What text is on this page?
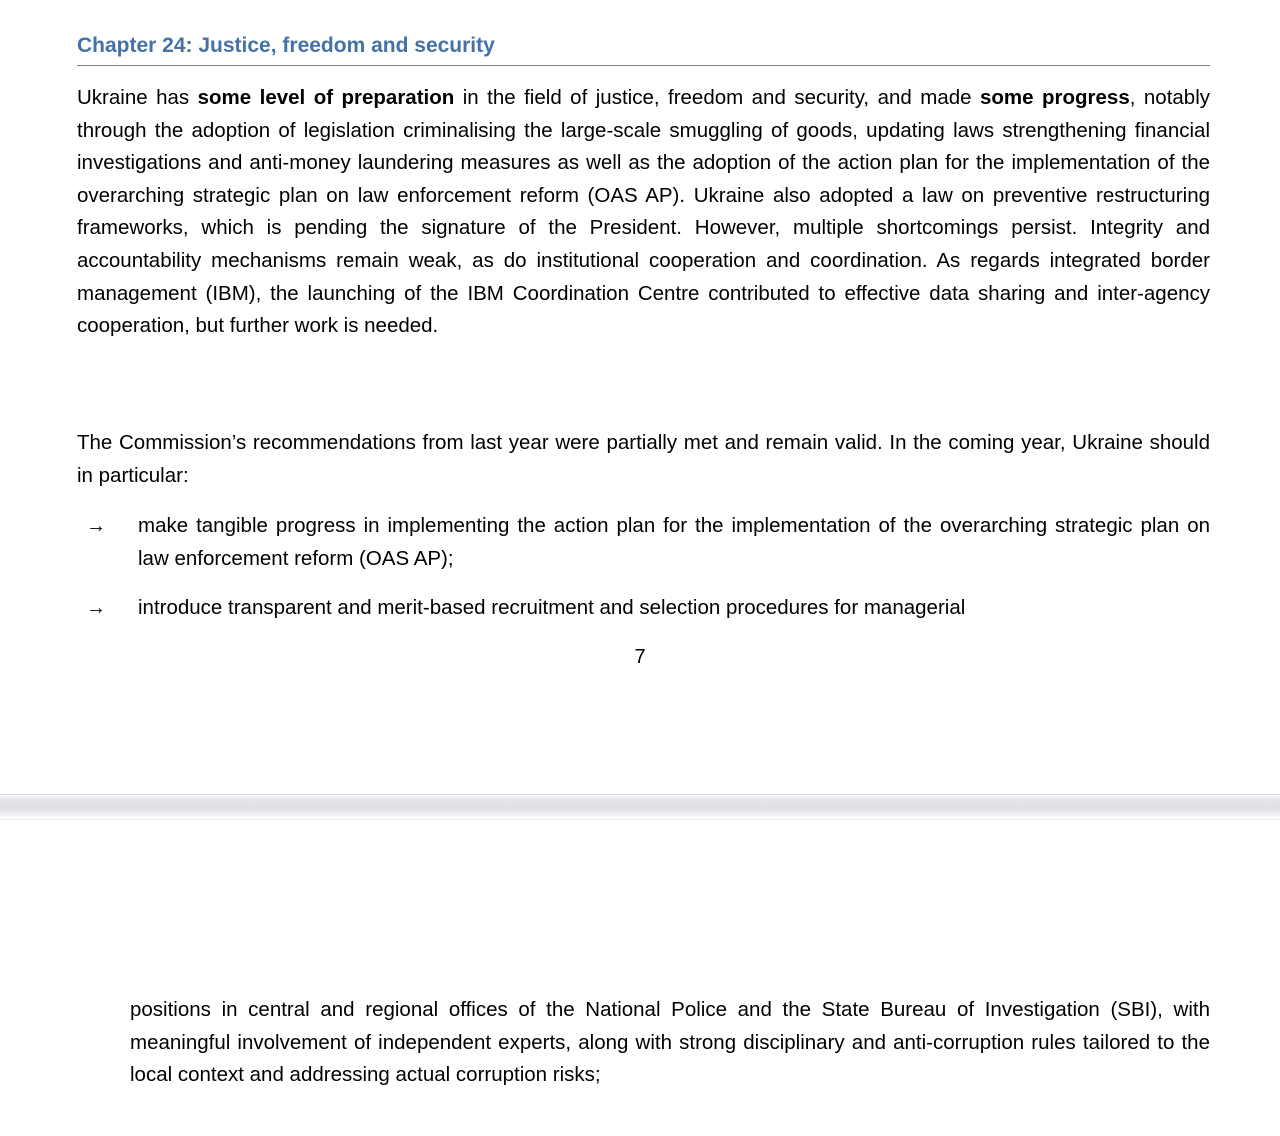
Chapter 24: Justice, freedom and security
Ukraine has some level of preparation in the field of justice, freedom and security, and made some progress, notably through the adoption of legislation criminalising the large-scale smuggling of goods, updating laws strengthening financial investigations and anti-money laundering measures as well as the adoption of the action plan for the implementation of the overarching strategic plan on law enforcement reform (OAS AP). Ukraine also adopted a law on preventive restructuring frameworks, which is pending the signature of the President. However, multiple shortcomings persist. Integrity and accountability mechanisms remain weak, as do institutional cooperation and coordination. As regards integrated border management (IBM), the launching of the IBM Coordination Centre contributed to effective data sharing and inter-agency cooperation, but further work is needed.
The Commission’s recommendations from last year were partially met and remain valid. In the coming year, Ukraine should in particular:
→	make tangible progress in implementing the action plan for the implementation of the overarching strategic plan on law enforcement reform (OAS AP);
→	introduce transparent and merit-based recruitment and selection procedures for managerial
7
positions in central and regional offices of the National Police and the State Bureau of Investigation (SBI), with meaningful involvement of independent experts, along with strong disciplinary and anti-corruption rules tailored to the local context and addressing actual corruption risks;
